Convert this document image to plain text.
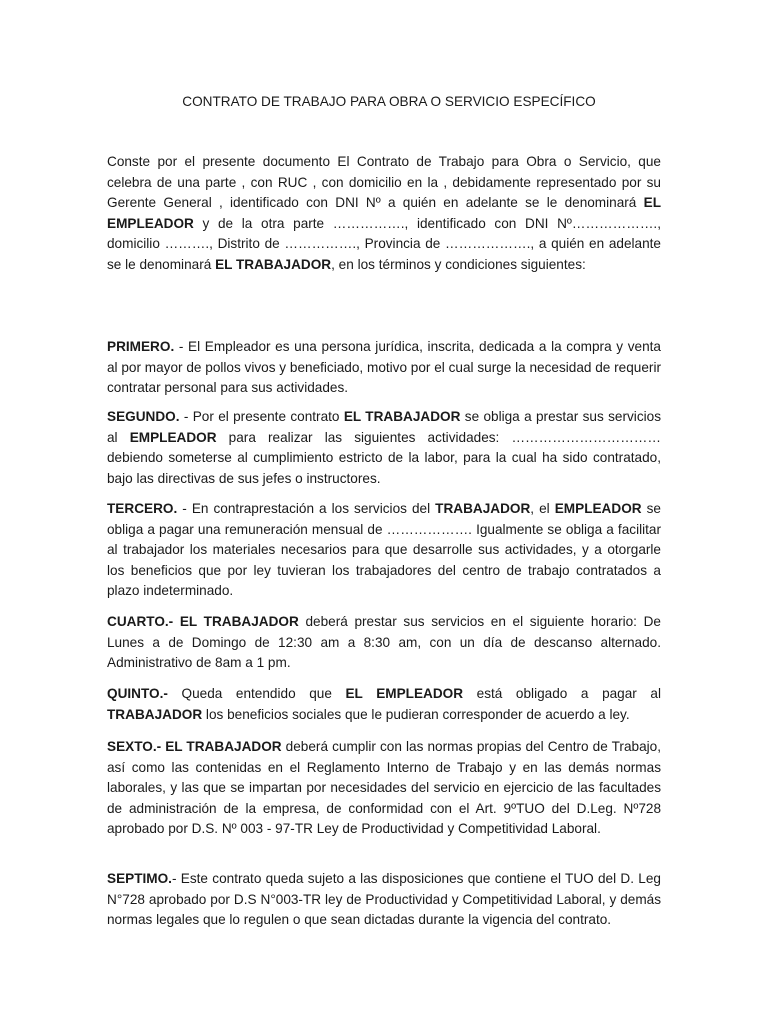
CONTRATO DE TRABAJO PARA OBRA O SERVICIO ESPECÍFICO
Conste por el presente documento El Contrato de Trabajo para Obra o Servicio, que celebra de una parte , con RUC , con domicilio en la , debidamente representado por su Gerente General , identificado con DNI Nº a quién en adelante se le denominará EL EMPLEADOR y de la otra parte ……………., identificado con DNI Nº………………., domicilio ………., Distrito de ……………., Provincia de ………………., a quién en adelante se le denominará EL TRABAJADOR, en los términos y condiciones siguientes:
PRIMERO. - El Empleador es una persona jurídica, inscrita, dedicada a la compra y venta al por mayor de pollos vivos y beneficiado, motivo por el cual surge la necesidad de requerir contratar personal para sus actividades.
SEGUNDO. - Por el presente contrato EL TRABAJADOR se obliga a prestar sus servicios al EMPLEADOR para realizar las siguientes actividades: …………………………… debiendo someterse al cumplimiento estricto de la labor, para la cual ha sido contratado, bajo las directivas de sus jefes o instructores.
TERCERO. - En contraprestación a los servicios del TRABAJADOR, el EMPLEADOR se obliga a pagar una remuneración mensual de ………………. Igualmente se obliga a facilitar al trabajador los materiales necesarios para que desarrolle sus actividades, y a otorgarle los beneficios que por ley tuvieran los trabajadores del centro de trabajo contratados a plazo indeterminado.
CUARTO.- EL TRABAJADOR deberá prestar sus servicios en el siguiente horario: De Lunes a de Domingo de 12:30 am a 8:30 am, con un día de descanso alternado. Administrativo de 8am a 1 pm.
QUINTO.- Queda entendido que EL EMPLEADOR está obligado a pagar al TRABAJADOR los beneficios sociales que le pudieran corresponder de acuerdo a ley.
SEXTO.- EL TRABAJADOR deberá cumplir con las normas propias del Centro de Trabajo, así como las contenidas en el Reglamento Interno de Trabajo y en las demás normas laborales, y las que se impartan por necesidades del servicio en ejercicio de las facultades de administración de la empresa, de conformidad con el Art. 9ºTUO del D.Leg. Nº728 aprobado por D.S. Nº 003 - 97-TR Ley de Productividad y Competitividad Laboral.
SEPTIMO.- Este contrato queda sujeto a las disposiciones que contiene el TUO del D. Leg N°728 aprobado por D.S N°003-TR ley de Productividad y Competitividad Laboral, y demás normas legales que lo regulen o que sean dictadas durante la vigencia del contrato.
